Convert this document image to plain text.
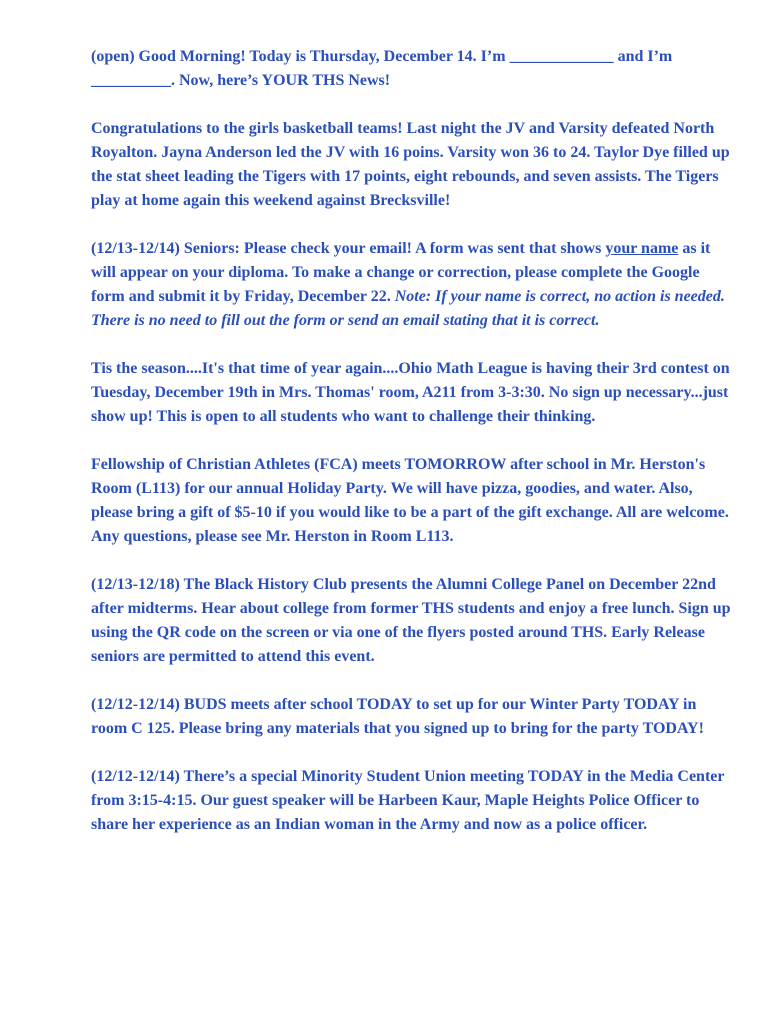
(open) Good Morning! Today is Thursday, December 14. I’m _____________ and I’m __________. Now, here’s YOUR THS News!

Congratulations to the girls basketball teams! Last night the JV and Varsity defeated North Royalton. Jayna Anderson led the JV with 16 poins. Varsity won 36 to 24. Taylor Dye filled up the stat sheet leading the Tigers with 17 points, eight rebounds, and seven assists. The Tigers play at home again this weekend against Brecksville!

(12/13-12/14) Seniors: Please check your email! A form was sent that shows your name as it will appear on your diploma. To make a change or correction, please complete the Google form and submit it by Friday, December 22. Note: If your name is correct, no action is needed. There is no need to fill out the form or send an email stating that it is correct.

Tis the season....It's that time of year again....Ohio Math League is having their 3rd contest on Tuesday, December 19th in Mrs. Thomas' room, A211 from 3-3:30. No sign up necessary...just show up! This is open to all students who want to challenge their thinking.

Fellowship of Christian Athletes (FCA) meets TOMORROW after school in Mr. Herston's Room (L113) for our annual Holiday Party. We will have pizza, goodies, and water. Also, please bring a gift of $5-10 if you would like to be a part of the gift exchange. All are welcome. Any questions, please see Mr. Herston in Room L113.

(12/13-12/18) The Black History Club presents the Alumni College Panel on December 22nd after midterms. Hear about college from former THS students and enjoy a free lunch. Sign up using the QR code on the screen or via one of the flyers posted around THS. Early Release seniors are permitted to attend this event.

(12/12-12/14) BUDS meets after school TODAY to set up for our Winter Party TODAY in room C 125. Please bring any materials that you signed up to bring for the party TODAY!

(12/12-12/14) There’s a special Minority Student Union meeting TODAY in the Media Center from 3:15-4:15. Our guest speaker will be Harbeen Kaur, Maple Heights Police Officer to share her experience as an Indian woman in the Army and now as a police officer.
